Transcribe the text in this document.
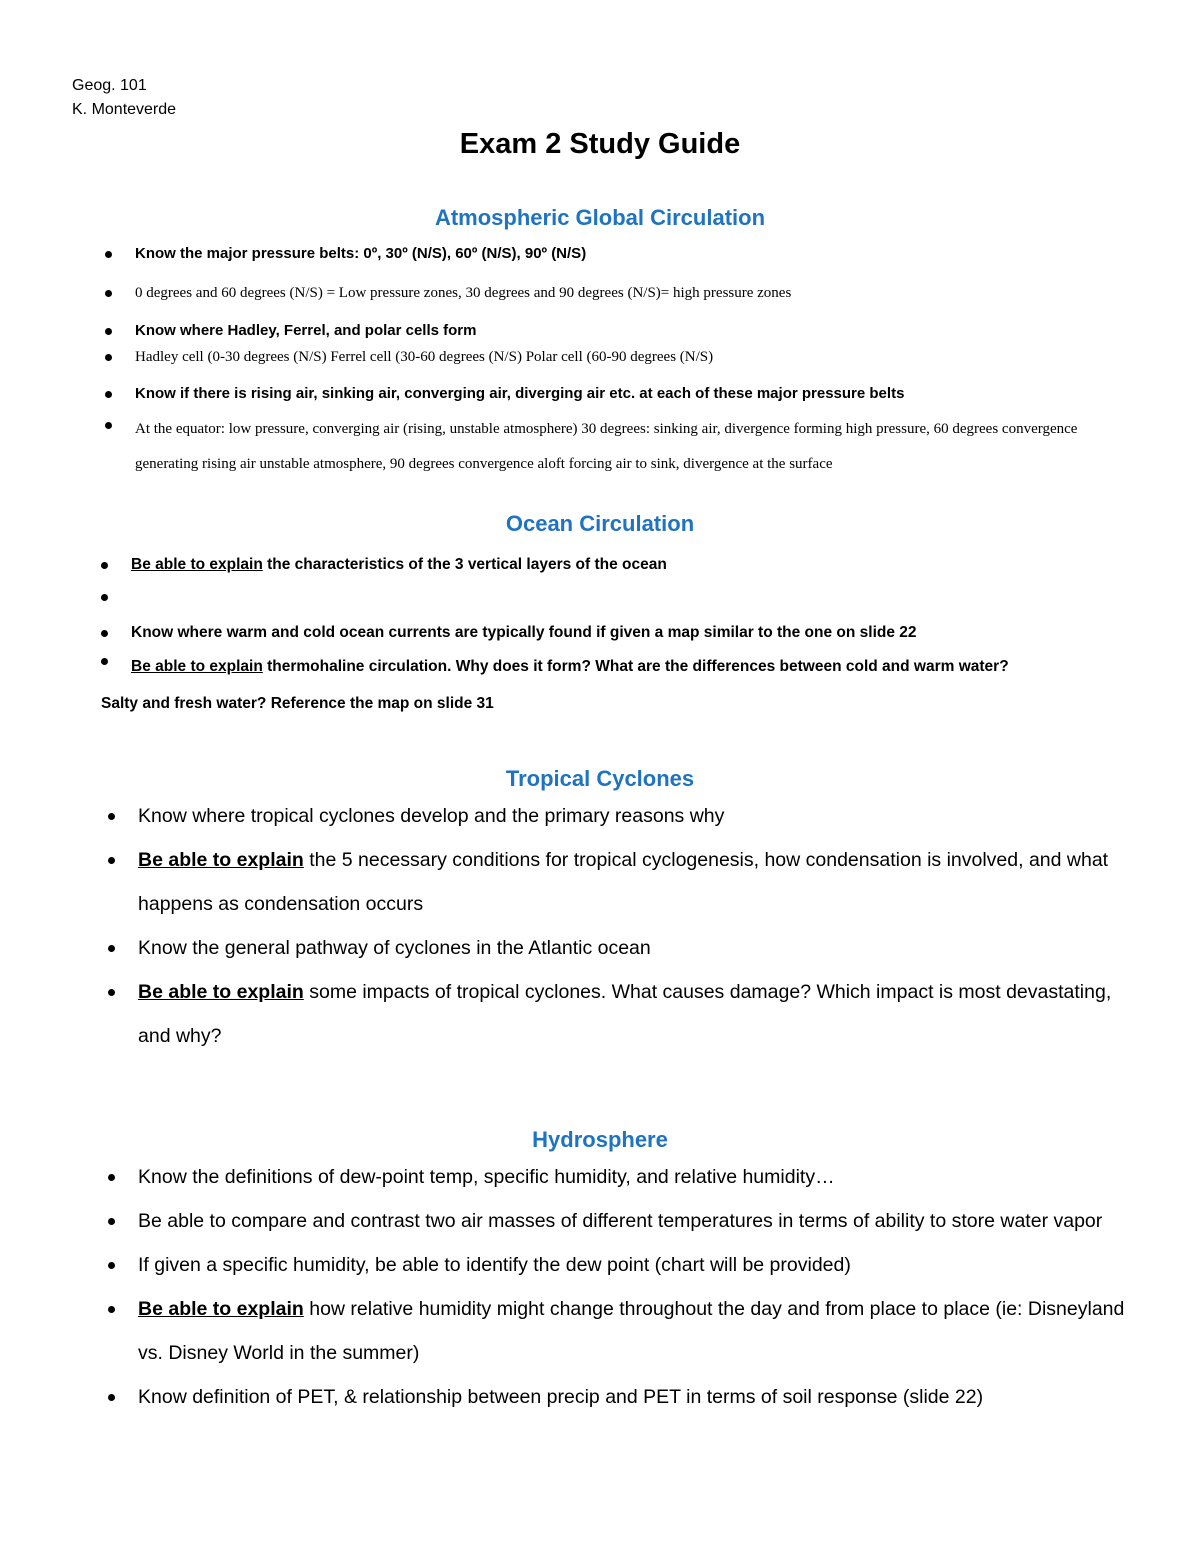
Geog. 101
K. Monteverde
Exam 2 Study Guide
Atmospheric Global Circulation
Know the major pressure belts: 0º, 30º (N/S), 60º (N/S), 90º (N/S)
0 degrees and 60 degrees (N/S) = Low pressure zones, 30 degrees and 90 degrees (N/S)= high pressure zones
Know where Hadley, Ferrel, and polar cells form
Hadley cell (0-30 degrees (N/S) Ferrel cell (30-60 degrees (N/S) Polar cell (60-90 degrees (N/S)
Know if there is rising air, sinking air, converging air, diverging air etc. at each of these major pressure belts
At the equator: low pressure, converging air (rising, unstable atmosphere) 30 degrees: sinking air, divergence forming high pressure, 60 degrees convergence generating rising air unstable atmosphere, 90 degrees convergence aloft forcing air to sink, divergence at the surface
Ocean Circulation
Be able to explain the characteristics of the 3 vertical layers of the ocean
Know where warm and cold ocean currents are typically found if given a map similar to the one on slide 22
Be able to explain thermohaline circulation. Why does it form? What are the differences between cold and warm water?
Salty and fresh water? Reference the map on slide 31
Tropical Cyclones
Know where tropical cyclones develop and the primary reasons why
Be able to explain the 5 necessary conditions for tropical cyclogenesis, how condensation is involved, and what happens as condensation occurs
Know the general pathway of cyclones in the Atlantic ocean
Be able to explain some impacts of tropical cyclones. What causes damage? Which impact is most devastating, and why?
Hydrosphere
Know the definitions of dew-point temp, specific humidity, and relative humidity…
Be able to compare and contrast two air masses of different temperatures in terms of ability to store water vapor
If given a specific humidity, be able to identify the dew point (chart will be provided)
Be able to explain how relative humidity might change throughout the day and from place to place (ie: Disneyland vs. Disney World in the summer)
Know definition of PET, & relationship between precip and PET in terms of soil response (slide 22)
